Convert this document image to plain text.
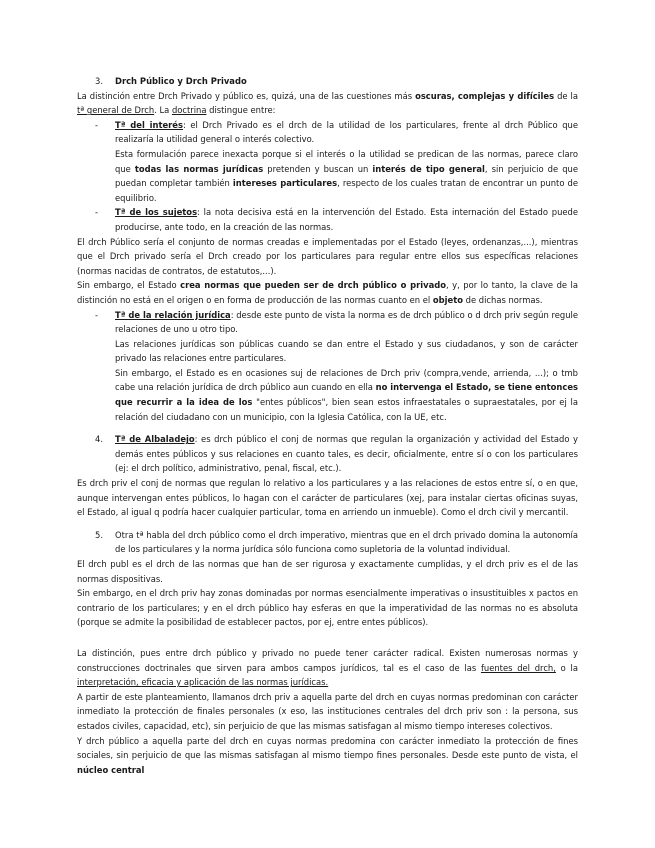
3.	Drch Público y Drch Privado

La distinción entre Drch Privado y público es, quizá, una de las cuestiones más oscuras, complejas y difíciles de la tª general de Drch. La doctrina distingue entre:

-	Tª del interés: el Drch Privado es el drch de la utilidad de los particulares, frente al drch Público que realizaría la utilidad general o interés colectivo.

Esta formulación parece inexacta porque si el interés o la utilidad se predican de las normas, parece claro que todas las normas jurídicas pretenden y buscan un interés de tipo general, sin perjuicio de que puedan completar también intereses particulares, respecto de los cuales tratan de encontrar un punto de equilibrio.

-	Tª de los sujetos: la nota decisiva está en la intervención del Estado. Esta internación del Estado puede producirse, ante todo, en la creación de las normas.

El drch Público sería el conjunto de normas creadas e implementadas por el Estado (leyes, ordenanzas,...), mientras que el Drch privado sería el Drch creado por los particulares para regular entre ellos sus específicas relaciones (normas nacidas de contratos, de estatutos,...).

Sin embargo, el Estado crea normas que pueden ser de drch público o privado, y, por lo tanto, la clave de la distinción no está en el origen o en forma de producción de las normas cuanto en el objeto de dichas normas.

-	Tª de la relación jurídica: desde este punto de vista la norma es de drch público o d drch priv según regule relaciones de uno u otro tipo.

Las relaciones jurídicas son públicas cuando se dan entre el Estado y sus ciudadanos, y son de carácter privado las relaciones entre particulares.

Sin embargo, el Estado es en ocasiones suj de relaciones de Drch priv (compra,vende, arrienda, ...); o tmb cabe una relación jurídica de drch público aun cuando en ella no intervenga el Estado, se tiene entonces que recurrir a la idea de los "entes públicos", bien sean estos infraestatales o supraestatales, por ej la relación del ciudadano con un municipio, con la Iglesia Católica, con la UE, etc.

4.	Tª de Albaladejo: es drch público el conj de normas que regulan la organización y actividad del Estado y demás entes públicos y sus relaciones en cuanto tales, es decir, oficialmente, entre sí o con los particulares (ej: el drch político, administrativo, penal, fiscal, etc.).

Es drch priv el conj de normas que regulan lo relativo a los particulares y a las relaciones de estos entre sí, o en que, aunque intervengan entes públicos, lo hagan con el carácter de particulares (xej, para instalar ciertas oficinas suyas, el Estado, al igual q podría hacer cualquier particular, toma en arriendo un inmueble). Como el drch civil y mercantil.

5.	Otra tª habla del drch público como el drch imperativo, mientras que en el drch privado domina la autonomía de los particulares y la norma jurídica sólo funciona como supletoria de la voluntad individual.

El drch publ es el drch de las normas que han de ser rigurosa y exactamente cumplidas, y el drch priv es el de las normas dispositivas.

Sin embargo, en el drch priv hay zonas dominadas por normas esencialmente imperativas o insustituibles x pactos en contrario de los particulares; y en el drch público hay esferas en que la imperatividad de las normas no es absoluta (porque se admite la posibilidad de establecer pactos, por ej, entre entes públicos).

La distinción, pues entre drch público y privado no puede tener carácter radical. Existen numerosas normas y construcciones doctrinales que sirven para ambos campos jurídicos, tal es el caso de las fuentes del drch, o la interpretación, eficacia y aplicación de las normas jurídicas.

A partir de este planteamiento, llamanos drch priv a aquella parte del drch en cuyas normas predominan con carácter inmediato la protección de finales personales (x eso, las instituciones centrales del drch priv son : la persona, sus estados civiles, capacidad, etc), sin perjuicio de que las mismas satisfagan al mismo tiempo intereses colectivos.

Y drch público a aquella parte del drch en cuyas normas predomina con carácter inmediato la protección de fines sociales, sin perjuicio de que las mismas satisfagan al mismo tiempo fines personales. Desde este punto de vista, el núcleo central
